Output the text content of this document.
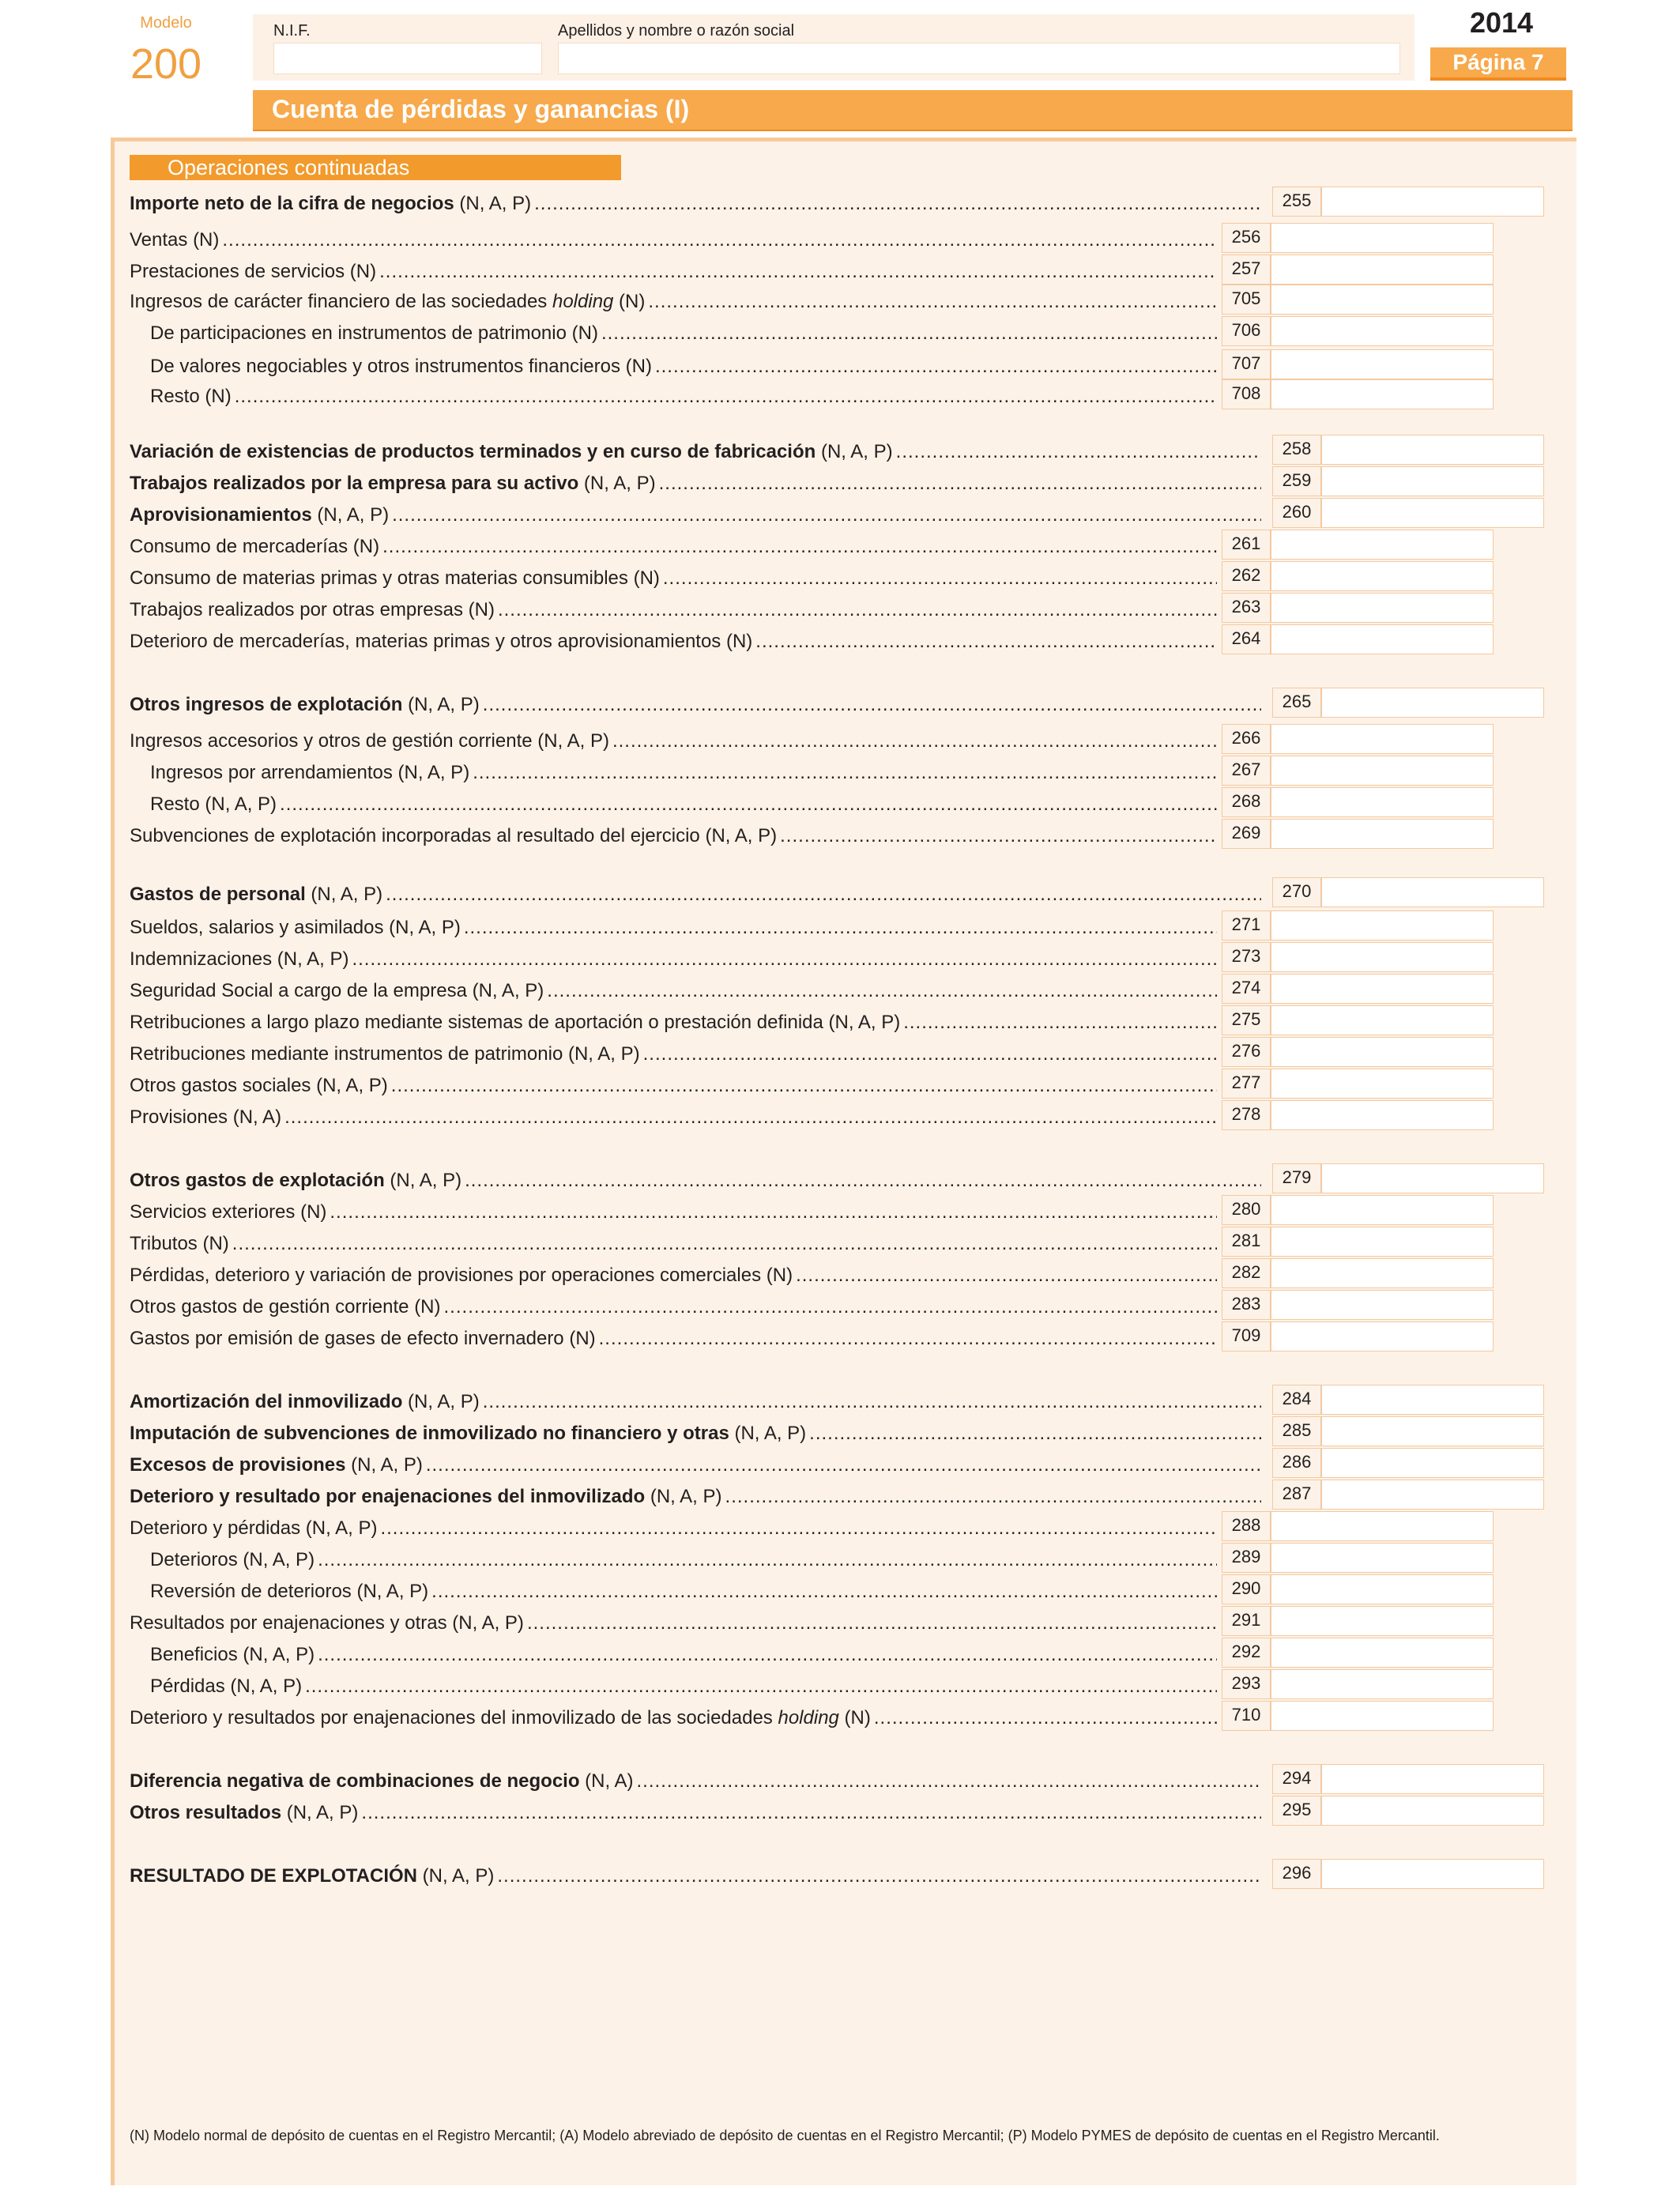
Modelo
200
N.I.F.	Apellidos y nombre o razón social	2014
Página 7
Cuenta de pérdidas y ganancias (I)
Operaciones continuadas
Importe neto de la cifra de negocios (N, A, P) .....	255
Ventas (N) .....	256
Prestaciones de servicios (N) .....	257
Ingresos de carácter financiero de las sociedades holding (N) .....	705
De participaciones en instrumentos de patrimonio (N) .....	706
De valores negociables y otros instrumentos financieros (N) .....	707
Resto (N) .....	708
Variación de existencias de productos terminados y en curso de fabricación (N, A, P) .....	258
Trabajos realizados por la empresa para su activo (N, A, P) .....	259
Aprovisionamientos (N, A, P) .....	260
Consumo de mercaderías (N) .....	261
Consumo de materias primas y otras materias consumibles (N) .....	262
Trabajos realizados por otras empresas (N) .....	263
Deterioro de mercaderías, materias primas y otros aprovisionamientos (N) .....	264
Otros ingresos de explotación (N, A, P) .....	265
Ingresos accesorios y otros de gestión corriente (N, A, P) .....	266
Ingresos por arrendamientos (N, A, P) .....	267
Resto (N, A, P) .....	268
Subvenciones de explotación incorporadas al resultado del ejercicio (N, A, P) .....	269
Gastos de personal (N, A, P) .....	270
Sueldos, salarios y asimilados (N, A, P) .....	271
Indemnizaciones (N, A, P) .....	273
Seguridad Social a cargo de la empresa (N, A, P) .....	274
Retribuciones a largo plazo mediante sistemas de aportación o prestación definida (N, A, P) .....	275
Retribuciones mediante instrumentos de patrimonio (N, A, P) .....	276
Otros gastos sociales (N, A, P) .....	277
Provisiones (N, A) .....	278
Otros gastos de explotación (N, A, P) .....	279
Servicios exteriores (N) .....	280
Tributos (N) .....	281
Pérdidas, deterioro y variación de provisiones por operaciones comerciales (N) .....	282
Otros gastos de gestión corriente (N) .....	283
Gastos por emisión de gases de efecto invernadero (N) .....	709
Amortización del inmovilizado (N, A, P) .....	284
Imputación de subvenciones de inmovilizado no financiero y otras (N, A, P) .....	285
Excesos de provisiones (N, A, P) .....	286
Deterioro y resultado por enajenaciones del inmovilizado (N, A, P) .....	287
Deterioro y pérdidas (N, A, P) .....	288
Deterioros (N, A, P) .....	289
Reversión de deterioros (N, A, P) .....	290
Resultados por enajenaciones y otras (N, A, P) .....	291
Beneficios (N, A, P) .....	292
Pérdidas (N, A, P) .....	293
Deterioro y resultados por enajenaciones del inmovilizado de las sociedades holding (N) .....	710
Diferencia negativa de combinaciones de negocio (N, A) .....	294
Otros resultados (N, A, P) .....	295
RESULTADO DE EXPLOTACIÓN (N, A, P) .....	296
(N) Modelo normal de depósito de cuentas en el Registro Mercantil; (A) Modelo abreviado de depósito de cuentas en el Registro Mercantil; (P) Modelo PYMES de depósito de cuentas en el Registro Mercantil.
